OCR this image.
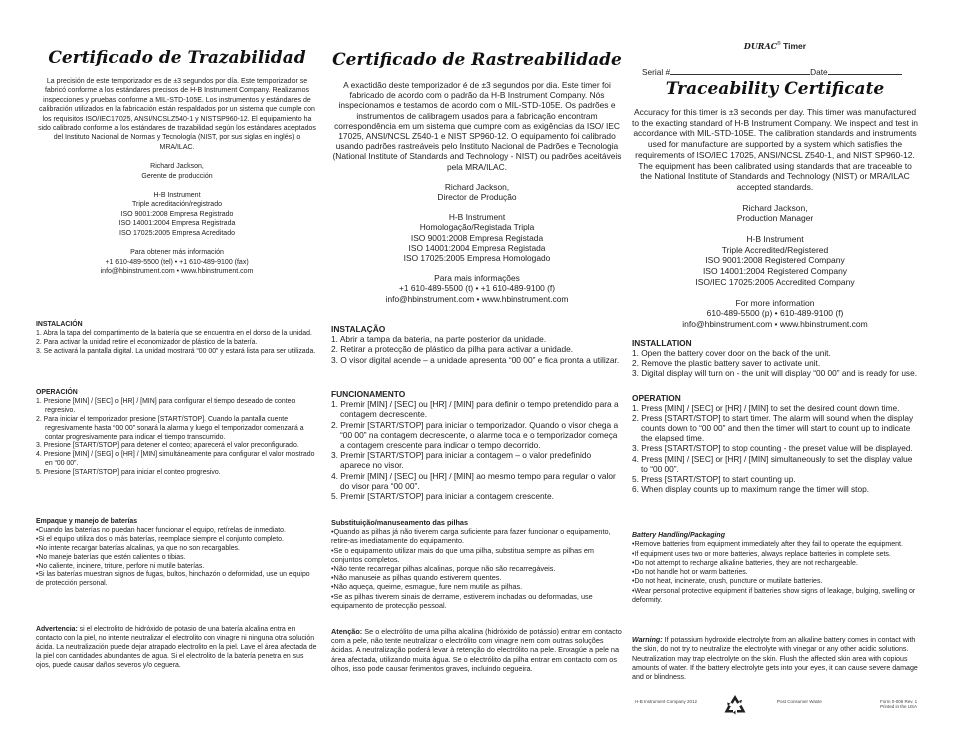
Certificado de Trazabilidad

La precisión de este temporizador es de ±3 segundos por día. Este temporizador se fabricó conforme a los estándares precisos de H-B Instrument Company. Realizamos inspecciones y pruebas conforme a MIL-STD-105E. Los instrumentos y estándares de calibración utilizados en la fabricación están respaldados por un sistema que cumple con los requisitos ISO/IEC17025, ANSI/NCSLZ540-1 y NISTSP960-12. El equipamiento ha sido calibrado conforme a los estándares de trazabilidad según los estándares aceptados del Instituto Nacional de Normas y Tecnología (NIST, por sus siglas en inglés) o MRA/ILAC.

Richard Jackson,
Gerente de producción
H-B Instrument
Triple acreditación/registrado
ISO 9001:2008 Empresa Registrado
ISO 14001:2004 Empresa Registrada
ISO 17025:2005 Empresa Acreditado
Para obtener más información
+1 610-489-5500 (tel) • +1 610-489-9100 (fax)
info@hbinstrument.com • www.hbinstrument.com
INSTALACIÓN
1. Abra la tapa del compartimento de la batería que se encuentra en el dorso de la unidad.
2. Para activar la unidad retire el economizador de plástico de la batería.
3. Se activará la pantalla digital. La unidad mostrará “00 00” y estará lista para ser utilizada.
OPERACIÓN
1. Presione [MIN] / [SEC] o [HR] / [MIN] para configurar el tiempo deseado de conteo regresivo.
2. Para iniciar el temporizador presione [START/STOP]. Cuando la pantalla cuente regresivamente hasta “00 00” sonará la alarma y luego el temporizador comenzará a contar progresivamente para indicar el tiempo transcurrido.
3. Presione [START/STOP] para detener el conteo; aparecerá el valor preconfigurado.
4. Presione [MIN] / [SEG] o [HR] / [MIN] simultáneamente para configurar el valor mostrado en “00 00”.
5. Presione [START/STOP] para iniciar el conteo progresivo.
Empaque y manejo de baterías
•Cuando las baterías no puedan hacer funcionar el equipo, retírelas de inmediato.
•Si el equipo utiliza dos o más baterías, reemplace siempre el conjunto completo.
•No intente recargar baterías alcalinas, ya que no son recargables.
•No maneje baterías que estén calientes o tibias.
•No caliente, incinere, triture, perfore ni mutile baterías.
•Si las baterías muestran signos de fugas, bultos, hinchazón o deformidad, use un equipo de protección personal.
Advertencia: si el electrolito de hidróxido de potasio de una batería alcalina entra en contacto con la piel, no intente neutralizar el electrolito con vinagre ni ninguna otra solución ácida. La neutralización puede dejar atrapado electrolito en la piel. Lave el área afectada de la piel con cantidades abundantes de agua. Si el electrolito de la batería penetra en sus ojos, puede causar daños severos y/o ceguera.
Certificado de Rastreabilidade

A exactidão deste temporizador é de ±3 segundos por dia. Este timer foi fabricado de acordo com o padrão da H-B Instrument Company. Nós inspecionamos e testamos de acordo com o MIL-STD-105E. Os padrões e instrumentos de calibragem usados para a fabricação encontram correspondência em um sistema que cumpre com as exigências da ISO/ IEC 17025, ANSI/NCSL Z540-1 e NIST SP960-12. O equipamento foi calibrado usando padrões rastreáveis pelo Instituto Nacional de Padrões e Tecnologia (National Institute of Standards and Technology - NIST) ou padrões aceitáveis pela MRA/ILAC.

Richard Jackson,
Director de Produção
H-B Instrument
Homologação/Registada Tripla
ISO 9001:2008 Empresa Registada
ISO 14001:2004 Empresa Registada
ISO 17025:2005 Empresa Homologado
Para mais informações
+1 610-489-5500 (t) • +1 610-489-9100 (f)
info@hbinstrument.com • www.hbinstrument.com
INSTALAÇÃO
1. Abrir a tampa da bateria, na parte posterior da unidade.
2. Retirar a protecção de plástico da pilha para activar a unidade.
3. O visor digital acende – a unidade apresenta “00 00” e fica pronta a utilizar.
FUNCIONAMENTO
1. Premir [MIN] / [SEC] ou [HR] / [MIN] para definir o tempo pretendido para a contagem decrescente.
2. Premir [START/STOP] para iniciar o temporizador. Quando o visor chega a “00 00” na contagem decrescente, o alarme toca e o temporizador começa a contagem crescente para indicar o tempo decorrido.
3. Premir [START/STOP] para iniciar a contagem – o valor predefinido aparece no visor.
4. Premir [MIN] / [SEC] ou [HR] / [MIN] ao mesmo tempo para regular o valor do visor para “00 00”.
5. Premir [START/STOP] para iniciar a contagem crescente.
Substituição/manuseamento das pilhas
•Quando as pilhas já não tiverem carga suficiente para fazer funcionar o equipamento, retire-as imediatamente do equipamento.
•Se o equipamento utilizar mais do que uma pilha, substitua sempre as pilhas em conjuntos completos.
•Não tente recarregar pilhas alcalinas, porque não são recarregáveis.
•Não manuseie as pilhas quando estiverem quentes.
•Não aqueça, queime, esmague, fure nem mutile as pilhas.
•Se as pilhas tiverem sinais de derrame, estiverem inchadas ou deformadas, use equipamento de protecção pessoal.
Atenção: Se o electrólito de uma pilha alcalina (hidróxido de potássio) entrar em contacto com a pele, não tente neutralizar o electrólito com vinagre nem com outras soluções ácidas. A neutralização poderá levar à retenção do electrólito na pele. Enxagúe a pele na área afectada, utilizando muita água. Se o electrólito da pilha entrar em contacto com os olhos, isso pode causar ferimentos graves, incluindo cegueira.
DURAC® Timer
Serial #	Date
Traceability Certificate

Accuracy for this timer is ±3 seconds per day. This timer was manufactured to the exacting standard of H-B Instrument Company. We inspect and test in accordance with MIL-STD-105E. The calibration standards and instruments used for manufacture are supported by a system which satisfies the requirements of ISO/IEC 17025, ANSI/NCSL Z540-1, and NIST SP960-12. The equipment has been calibrated using standards that are traceable to the National Institute of Standards and Technology (NIST) or MRA/ILAC accepted standards.

Richard Jackson,
Production Manager
H-B Instrument
Triple Accredited/Registered
ISO 9001:2008 Registered Company
ISO 14001:2004 Registered Company
ISO/IEC 17025:2005 Accredited Company
For more information
610-489-5500 (p) • 610-489-9100 (f)
info@hbinstrument.com • www.hbinstrument.com
INSTALLATION
1. Open the battery cover door on the back of the unit.
2. Remove the plastic battery saver to activate unit.
3. Digital display will turn on - the unit will display “00 00” and is ready for use.
OPERATION
1. Press [MIN] / [SEC] or [HR] / [MIN] to set the desired count down time.
2. Press [START/STOP] to start timer. The alarm will sound when the display counts down to “00 00” and then the timer will start to count up to indicate the elapsed time.
3. Press [START/STOP] to stop counting - the preset value will be displayed.
4. Press [MIN] / [SEC] or [HR] / [MIN] simultaneously to set the display value to “00 00”.
5. Press [START/STOP] to start counting up.
6. When display counts up to maximum range the timer will stop.
Battery Handling/Packaging
•Remove batteries from equipment immediately after they fail to operate the equipment.
•If equipment uses two or more batteries, always replace batteries in complete sets.
•Do not attempt to recharge alkaline batteries, they are not rechargeable.
•Do not handle hot or warm batteries.
•Do not heat, incinerate, crush, puncture or mutilate batteries.
•Wear personal protective equipment if batteries show signs of leakage, bulging, swelling or deformity.
Warning: If potassium hydroxide electrolyte from an alkaline battery comes in contact with the skin, do not try to neutralize the electrolyte with vinegar or any other acidic solutions. Neutralization may trap electrolyte on the skin. Flush the affected skin area with copious amounts of water. If the battery electrolyte gets into your eyes, it can cause severe damage and or blindness.
H-B Instrument Company 2012	Post Consumer Waste	Form 0-006 Rev. 1
Printed in the USA
